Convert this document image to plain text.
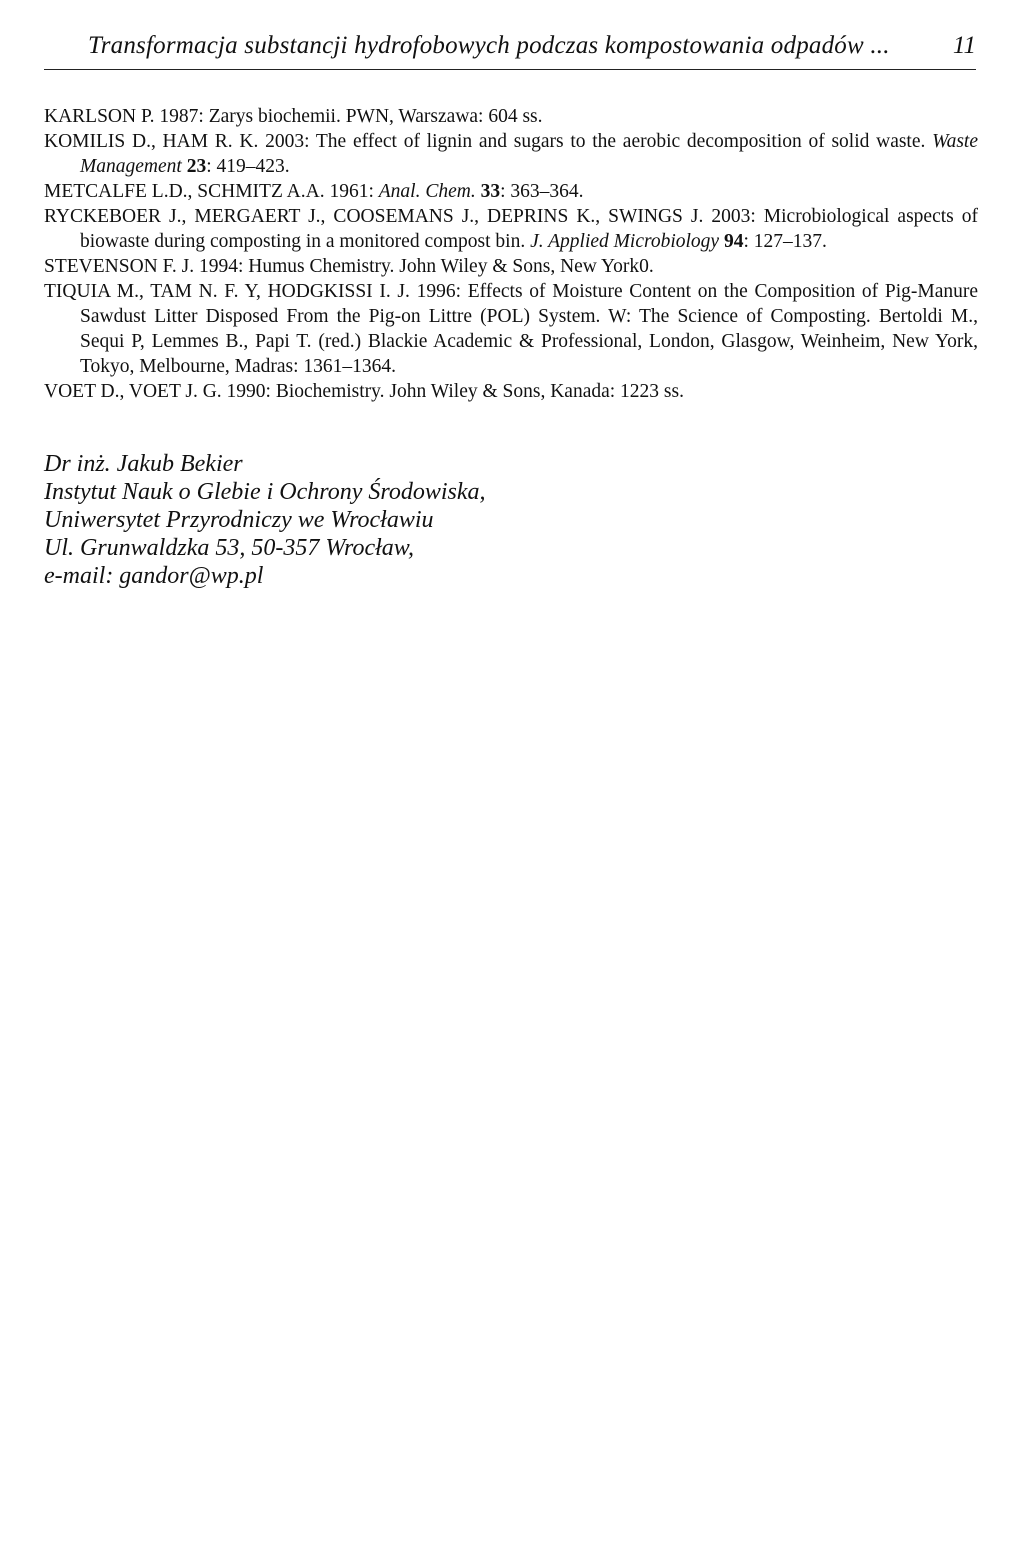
Transformacja substancji hydrofobowych podczas kompostowania odpadów ...	11

KARLSON P. 1987: Zarys biochemii. PWN, Warszawa: 604 ss.

KOMILIS D., HAM R. K. 2003: The effect of lignin and sugars to the aerobic decomposition of solid waste. Waste Management 23: 419–423.

METCALFE L.D., SCHMITZ A.A. 1961: Anal. Chem. 33: 363–364.

RYCKEBOER J., MERGAERT J., COOSEMANS J., DEPRINS K., SWINGS J. 2003: Microbiological aspects of biowaste during composting in a monitored compost bin. J. Applied Microbiology 94: 127–137.

STEVENSON F. J. 1994: Humus Chemistry. John Wiley & Sons, New York0.

TIQUIA M., TAM N. F. Y, HODGKISSI I. J. 1996: Effects of Moisture Content on the Composition of Pig-Manure Sawdust Litter Disposed From the Pig-on Littre (POL) System. W: The Science of Composting. Bertoldi M., Sequi P, Lemmes B., Papi T. (red.) Blackie Academic & Professional, London, Glasgow, Weinheim, New York, Tokyo, Melbourne, Madras: 1361–1364.

VOET D., VOET J. G. 1990: Biochemistry. John Wiley & Sons, Kanada: 1223 ss.

Dr inż. Jakub Bekier
Instytut Nauk o Glebie i Ochrony Środowiska,
Uniwersytet Przyrodniczy we Wrocławiu
Ul. Grunwaldzka 53, 50-357 Wrocław,
e-mail: gandor@wp.pl
